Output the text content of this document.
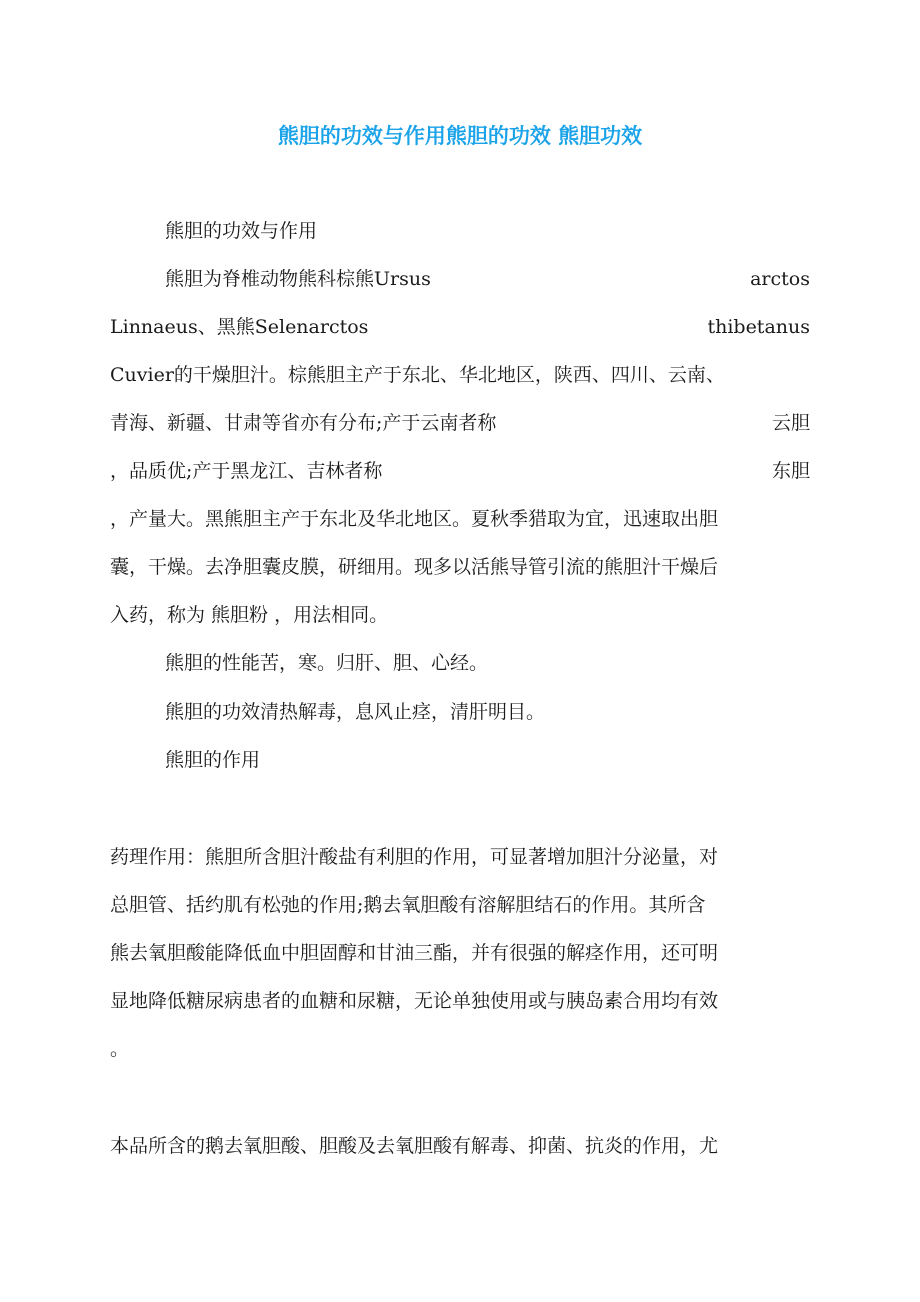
熊胆的功效与作用熊胆的功效 熊胆功效
熊胆的功效与作用
熊胆为脊椎动物熊科棕熊Ursus	arctos
Linnaeus、黑熊Selenarctos	thibetanus
Cuvier的干燥胆汁。棕熊胆主产于东北、华北地区，陕西、四川、云南、
青海、新疆、甘肃等省亦有分布;产于云南者称	云胆
，品质优;产于黑龙江、吉林者称	东胆
，产量大。黑熊胆主产于东北及华北地区。夏秋季猎取为宜，迅速取出胆
囊，干燥。去净胆囊皮膜，研细用。现多以活熊导管引流的熊胆汁干燥后
入药，称为 熊胆粉 ，用法相同。
熊胆的性能苦，寒。归肝、胆、心经。
熊胆的功效清热解毒，息风止痉，清肝明目。
熊胆的作用
药理作用：熊胆所含胆汁酸盐有利胆的作用，可显著增加胆汁分泌量，对
总胆管、括约肌有松弛的作用;鹅去氧胆酸有溶解胆结石的作用。其所含
熊去氧胆酸能降低血中胆固醇和甘油三酯，并有很强的解痉作用，还可明
显地降低糖尿病患者的血糖和尿糖，无论单独使用或与胰岛素合用均有效
。
本品所含的鹅去氧胆酸、胆酸及去氧胆酸有解毒、抑菌、抗炎的作用，尤
